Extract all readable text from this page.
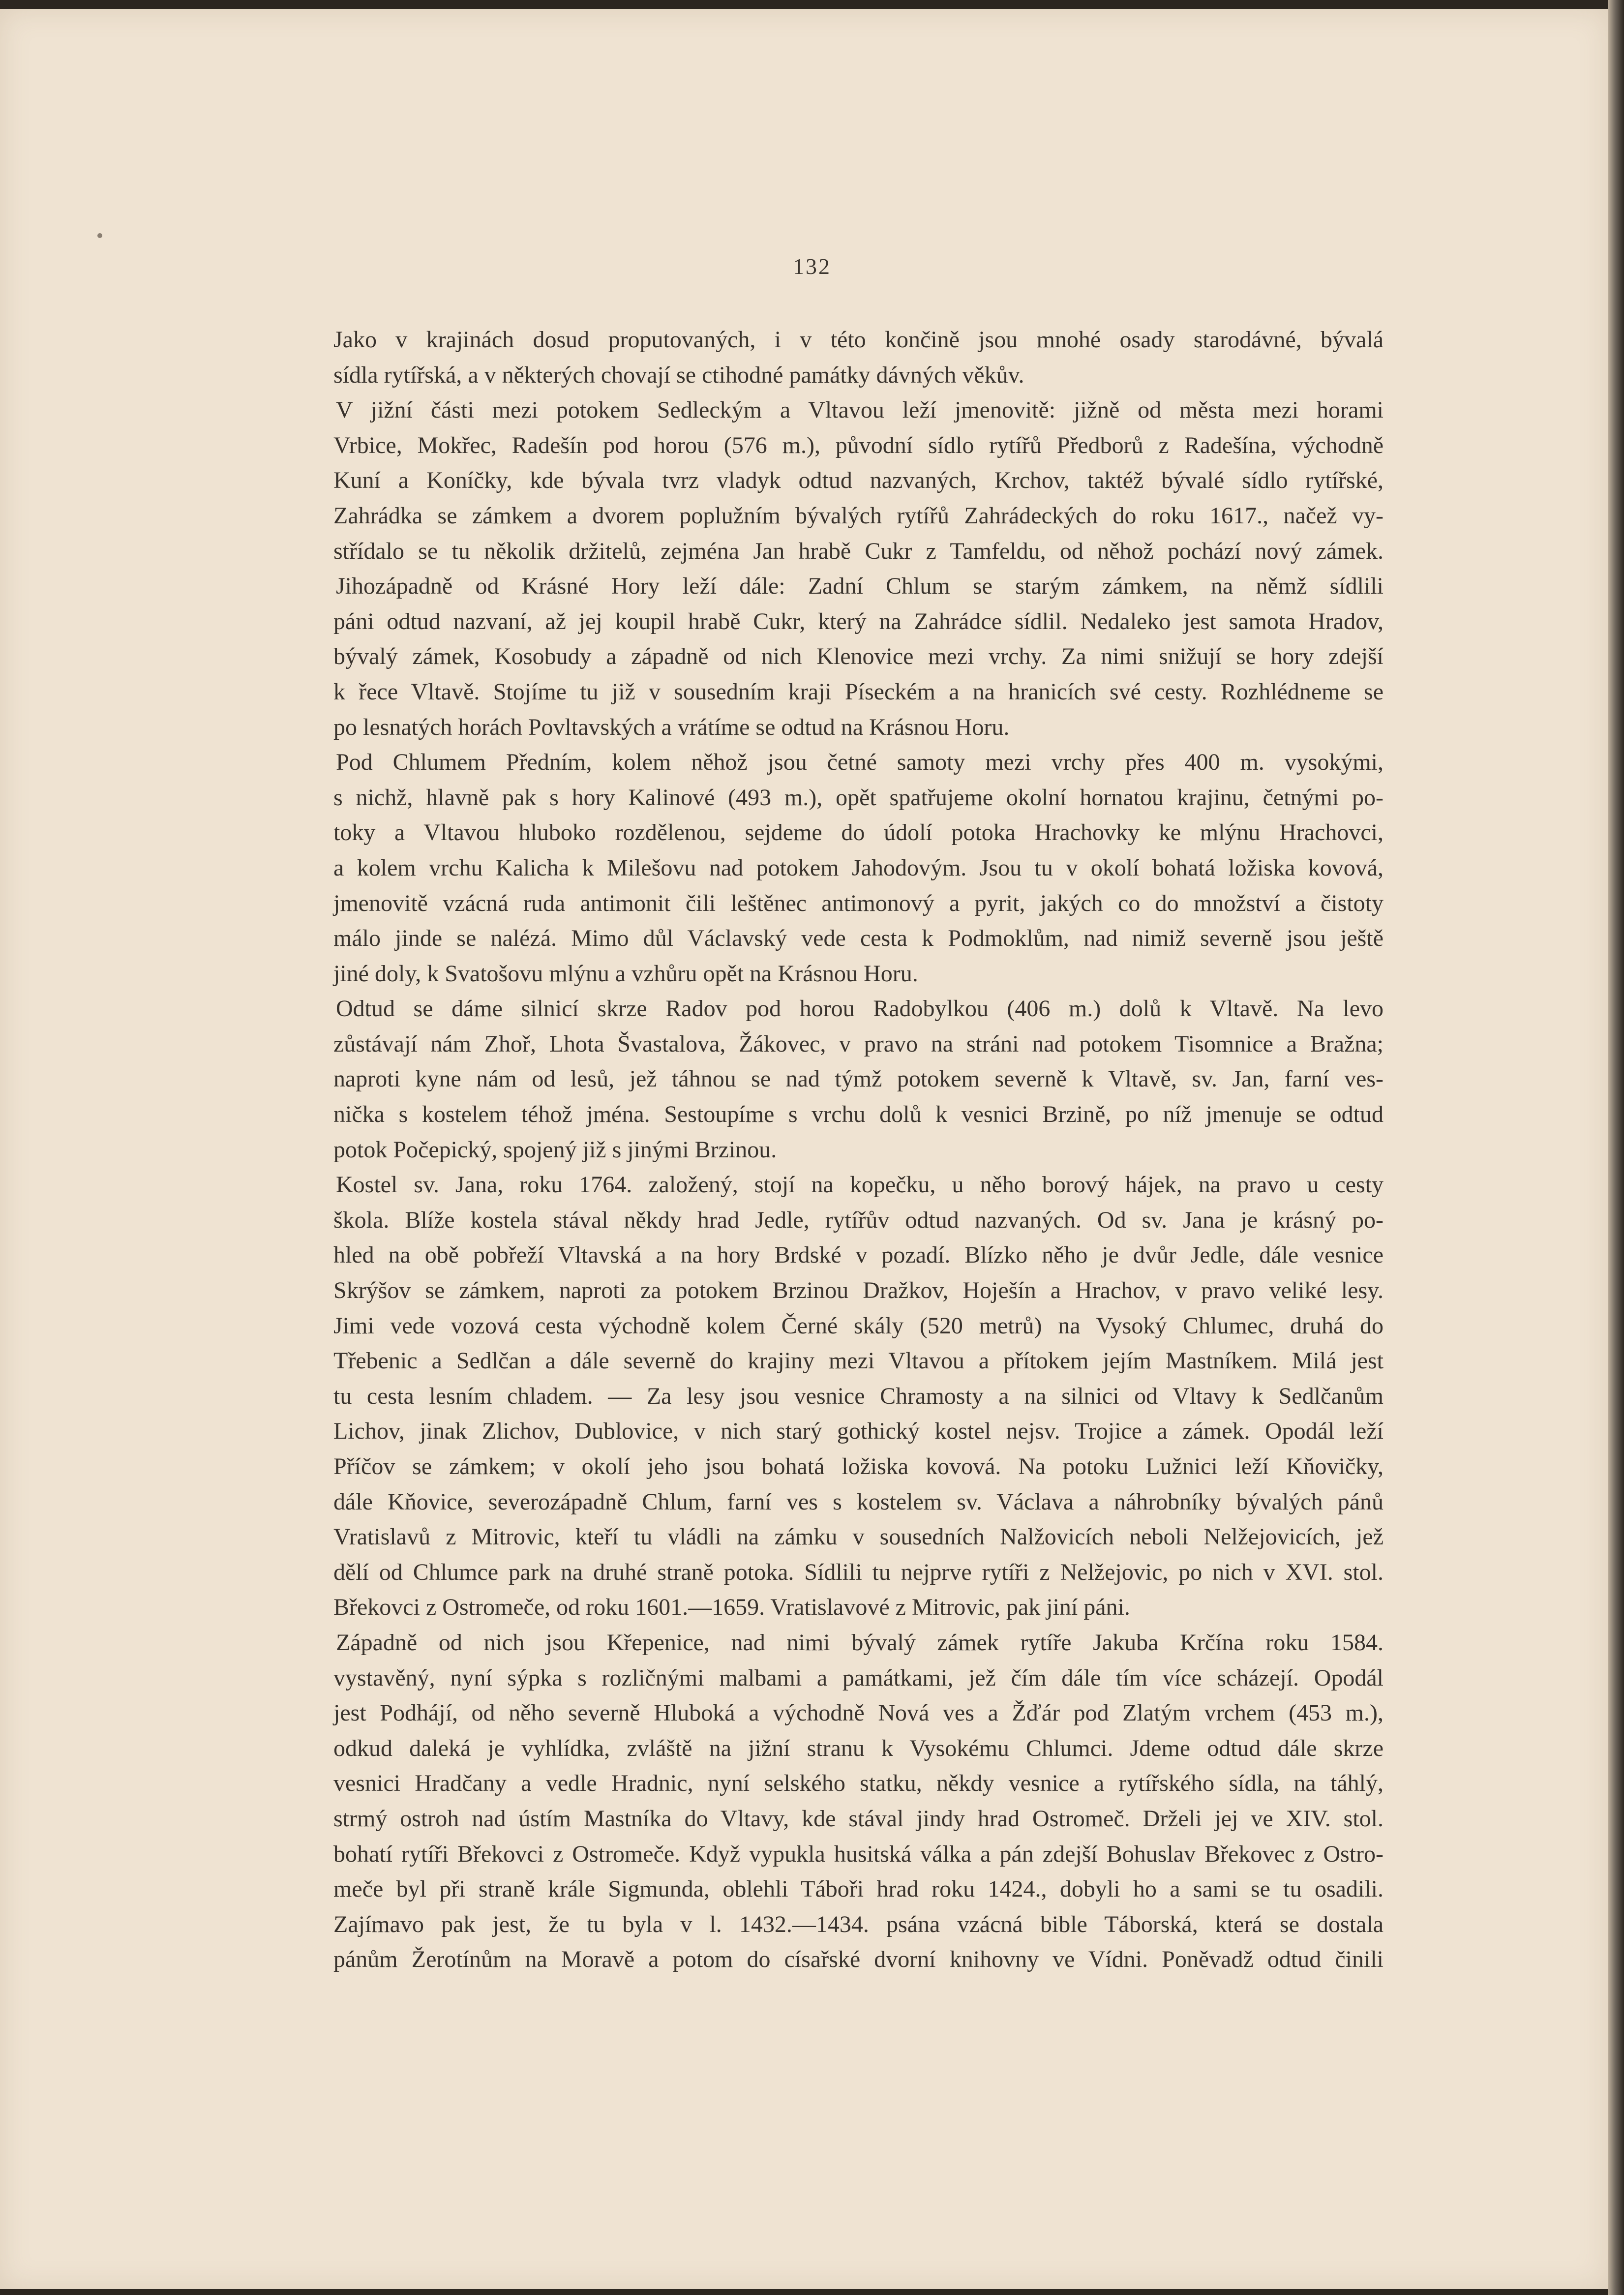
132

Jako v krajinách dosud proputovaných, i v této končině jsou mnohé osady starodávné, bývalá

sídla rytířská, a v některých chovají se ctihodné památky dávných věkův.

V jižní části mezi potokem Sedleckým a Vltavou leží jmenovitě: jižně od města mezi horami

Vrbice, Mokřec, Radešín pod horou (576 m.), původní sídlo rytířů Předborů z Radešína, východně

Kuní a Koníčky, kde bývala tvrz vladyk odtud nazvaných, Krchov, taktéž bývalé sídlo rytířské,

Zahrádka se zámkem a dvorem poplužním bývalých rytířů Zahrádeckých do roku 1617., načež vy-

střídalo se tu několik držitelů, zejména Jan hrabě Cukr z Tamfeldu, od něhož pochází nový zámek.

Jihozápadně od Krásné Hory leží dále: Zadní Chlum se starým zámkem, na němž sídlili

páni odtud nazvaní, až jej koupil hrabě Cukr, který na Zahrádce sídlil. Nedaleko jest samota Hradov,

bývalý zámek, Kosobudy a západně od nich Klenovice mezi vrchy. Za nimi snižují se hory zdejší

k řece Vltavě. Stojíme tu již v sousedním kraji Píseckém a na hranicích své cesty. Rozhlédneme se

po lesnatých horách Povltavských a vrátíme se odtud na Krásnou Horu.

Pod Chlumem Předním, kolem něhož jsou četné samoty mezi vrchy přes 400 m. vysokými,

s nichž, hlavně pak s hory Kalinové (493 m.), opět spatřujeme okolní hornatou krajinu, četnými po-

toky a Vltavou hluboko rozdělenou, sejdeme do údolí potoka Hrachovky ke mlýnu Hrachovci,

a kolem vrchu Kalicha k Milešovu nad potokem Jahodovým. Jsou tu v okolí bohatá ložiska kovová,

jmenovitě vzácná ruda antimonit čili leštěnec antimonový a pyrit, jakých co do množství a čistoty

málo jinde se nalézá. Mimo důl Václavský vede cesta k Podmoklům, nad nimiž severně jsou ještě

jiné doly, k Svatošovu mlýnu a vzhůru opět na Krásnou Horu.

Odtud se dáme silnicí skrze Radov pod horou Radobylkou (406 m.) dolů k Vltavě. Na levo

zůstávají nám Zhoř, Lhota Švastalova, Žákovec, v pravo na stráni nad potokem Tisomnice a Bražna;

naproti kyne nám od lesů, jež táhnou se nad týmž potokem severně k Vltavě, sv. Jan, farní ves-

nička s kostelem téhož jména. Sestoupíme s vrchu dolů k vesnici Brzině, po níž jmenuje se odtud

potok Počepický, spojený již s jinými Brzinou.

Kostel sv. Jana, roku 1764. založený, stojí na kopečku, u něho borový hájek, na pravo u cesty

škola. Blíže kostela stával někdy hrad Jedle, rytířův odtud nazvaných. Od sv. Jana je krásný po-

hled na obě pobřeží Vltavská a na hory Brdské v pozadí. Blízko něho je dvůr Jedle, dále vesnice

Skrýšov se zámkem, naproti za potokem Brzinou Dražkov, Hoješín a Hrachov, v pravo veliké lesy.

Jimi vede vozová cesta východně kolem Černé skály (520 metrů) na Vysoký Chlumec, druhá do

Třebenic a Sedlčan a dále severně do krajiny mezi Vltavou a přítokem jejím Mastníkem. Milá jest

tu cesta lesním chladem. — Za lesy jsou vesnice Chramosty a na silnici od Vltavy k Sedlčanům

Lichov, jinak Zlichov, Dublovice, v nich starý gothický kostel nejsv. Trojice a zámek. Opodál leží

Příčov se zámkem; v okolí jeho jsou bohatá ložiska kovová. Na potoku Lužnici leží Kňovičky,

dále Kňovice, severozápadně Chlum, farní ves s kostelem sv. Václava a náhrobníky bývalých pánů

Vratislavů z Mitrovic, kteří tu vládli na zámku v sousedních Nalžovicích neboli Nelžejovicích, jež

dělí od Chlumce park na druhé straně potoka. Sídlili tu nejprve rytíři z Nelžejovic, po nich v XVI. stol.

Břekovci z Ostromeče, od roku 1601.—1659. Vratislavové z Mitrovic, pak jiní páni.

Západně od nich jsou Křepenice, nad nimi bývalý zámek rytíře Jakuba Krčína roku 1584.

vystavěný, nyní sýpka s rozličnými malbami a památkami, jež čím dále tím více scházejí. Opodál

jest Podhájí, od něho severně Hluboká a východně Nová ves a Žďár pod Zlatým vrchem (453 m.),

odkud daleká je vyhlídka, zvláště na jižní stranu k Vysokému Chlumci. Jdeme odtud dále skrze

vesnici Hradčany a vedle Hradnic, nyní selského statku, někdy vesnice a rytířského sídla, na táhlý,

strmý ostroh nad ústím Mastníka do Vltavy, kde stával jindy hrad Ostromeč. Drželi jej ve XIV. stol.

bohatí rytíři Břekovci z Ostromeče. Když vypukla husitská válka a pán zdejší Bohuslav Břekovec z Ostro-

meče byl při straně krále Sigmunda, oblehli Táboři hrad roku 1424., dobyli ho a sami se tu osadili.

Zajímavo pak jest, že tu byla v l. 1432.—1434. psána vzácná bible Táborská, která se dostala

pánům Žerotínům na Moravě a potom do císařské dvorní knihovny ve Vídni. Poněvadž odtud činili
